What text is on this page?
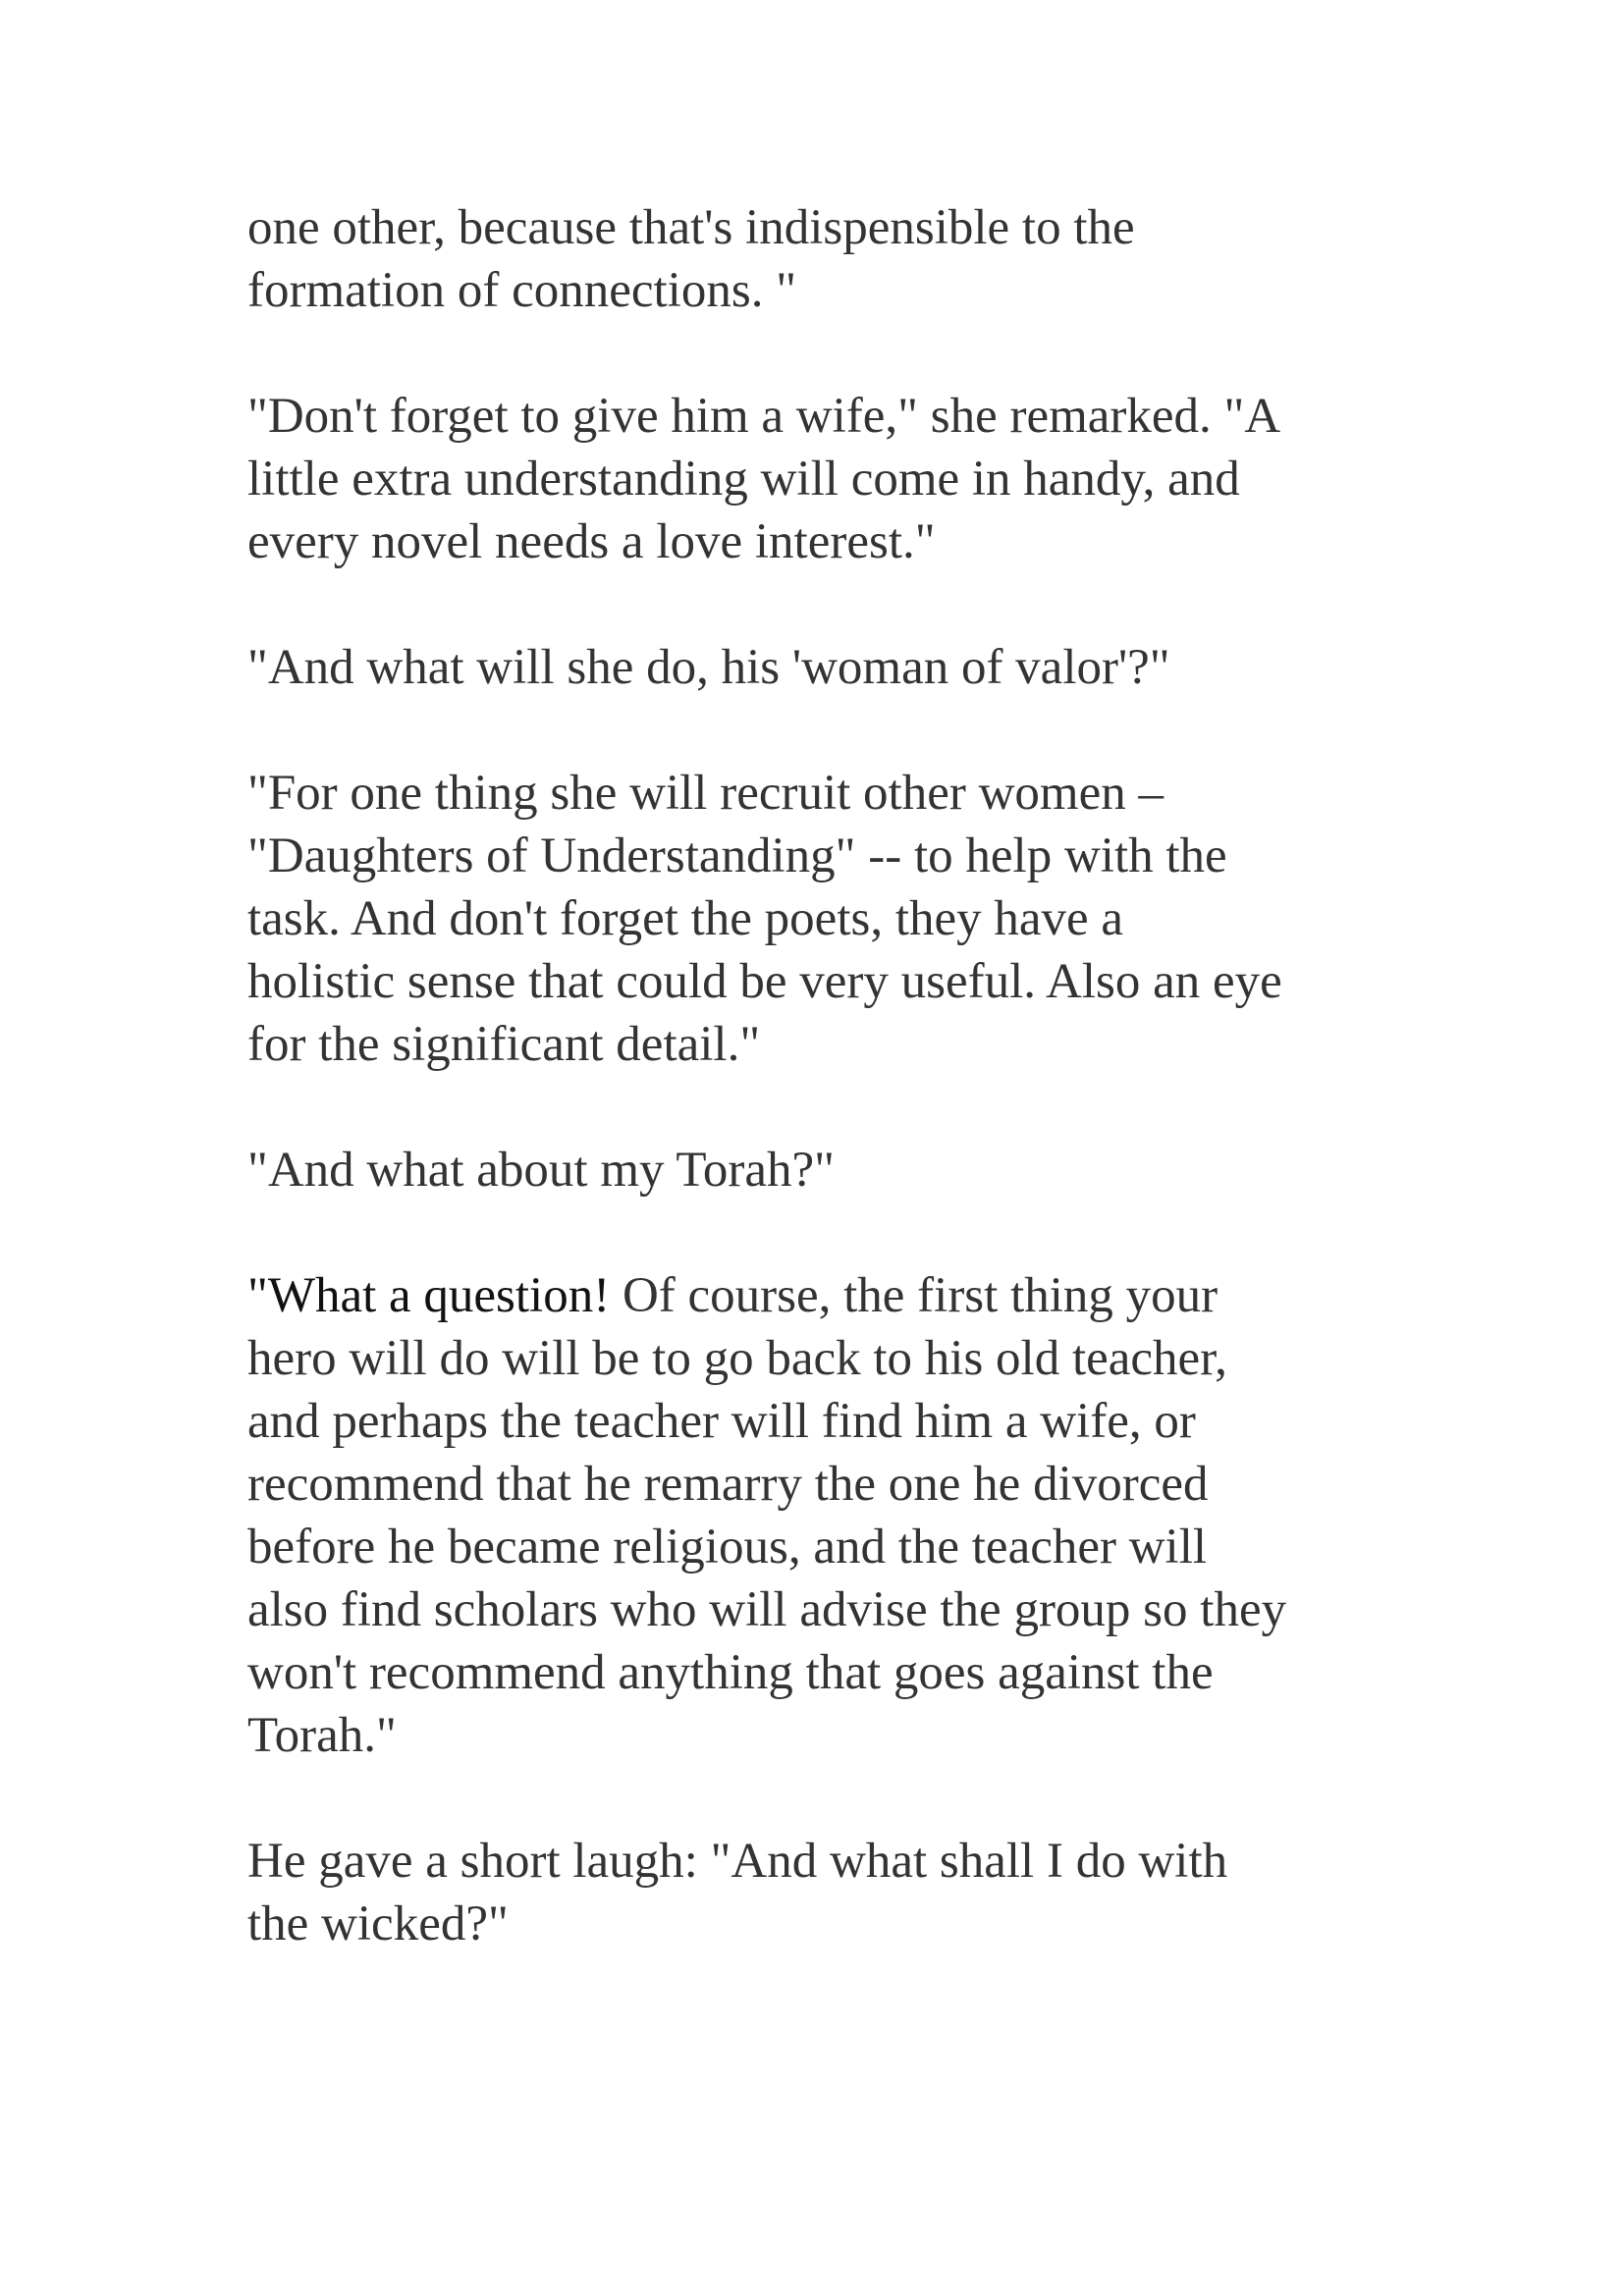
one other, because that's indispensible to the
formation of connections. "

"Don't forget to give him a wife," she remarked. "A
little extra understanding will come in handy, and
every novel needs a love interest."

"And what will she do, his 'woman of valor'?"

"For one thing she will recruit other women –
"Daughters of Understanding" -- to help with the
task. And don't forget the poets, they have a
holistic sense that could be very useful. Also an eye
for the significant detail."

"And what about my Torah?"

"What a question! Of course, the first thing your
hero will do will be to go back to his old teacher,
and perhaps the teacher will find him a wife, or
recommend that he remarry the one he divorced
before he became religious, and the teacher will
also find scholars who will advise the group so they
won't recommend anything that goes against the
Torah."

He gave a short laugh: "And what shall I do with
the wicked?"
